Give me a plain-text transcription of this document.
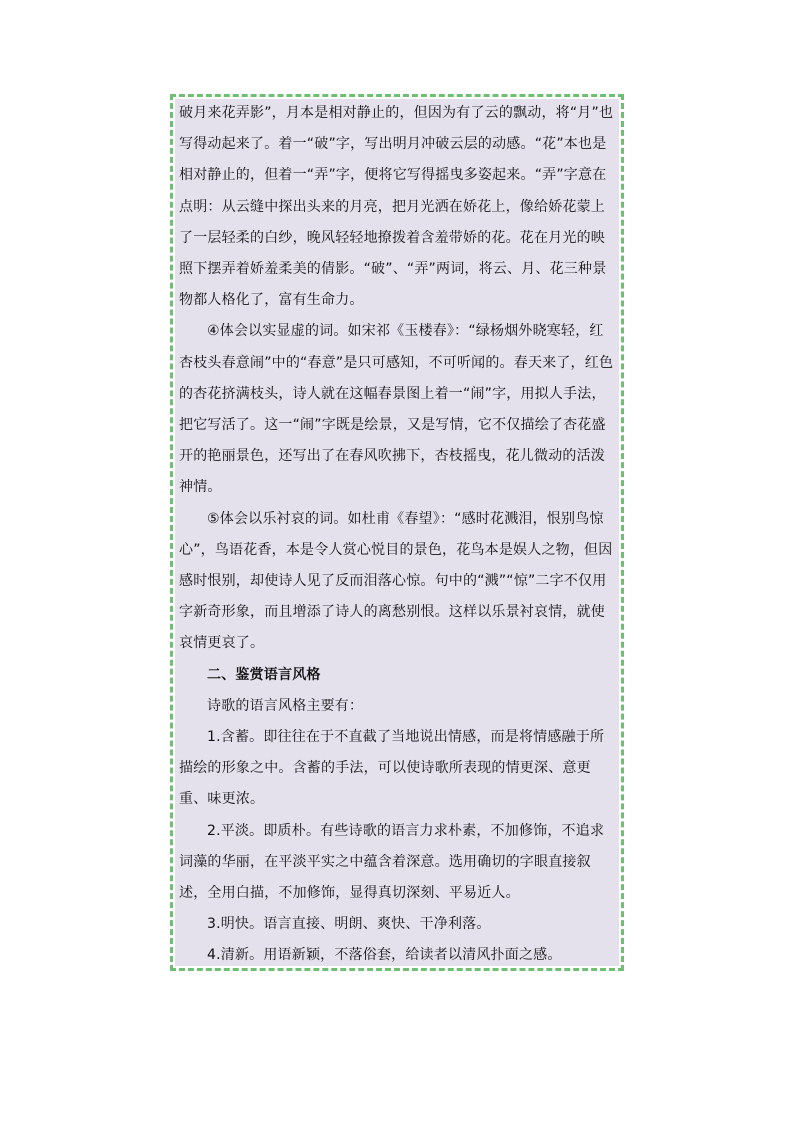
破月来花弄影”，月本是相对静止的，但因为有了云的飘动，将“月”也写得动起来了。着一“破”字，写出明月冲破云层的动感。“花”本也是相对静止的，但着一“弄”字，便将它写得摇曳多姿起来。“弄”字意在点明：从云缝中探出头来的月亮，把月光洒在娇花上，像给娇花蒙上了一层轻柔的白纱，晚风轻轻地撩拨着含羞带娇的花。花在月光的映照下摆弄着娇羞柔美的倩影。“破”、“弄”两词，将云、月、花三种景物都人格化了，富有生命力。

④体会以实显虚的词。如宋祁《玉楼春》：“绿杨烟外晓寒轻，红杏枝头春意闹”中的“春意”是只可感知，不可听闻的。春天来了，红色的杏花挤满枝头，诗人就在这幅春景图上着一“闹”字，用拟人手法，把它写活了。这一“闹”字既是绘景，又是写情，它不仅描绘了杏花盛开的艳丽景色，还写出了在春风吹拂下，杏枝摇曳，花儿微动的活泼神情。

⑤体会以乐衬哀的词。如杜甫《春望》：“感时花溅泪，恨别鸟惊心”，鸟语花香，本是令人赏心悦目的景色，花鸟本是娱人之物，但因感时恨别，却使诗人见了反而泪落心惊。句中的“溅”“惊”二字不仅用字新奇形象，而且增添了诗人的离愁别恨。这样以乐景衬哀情，就使哀情更哀了。

二、鉴赏语言风格

诗歌的语言风格主要有：

1.含蓄。即往往在于不直截了当地说出情感，而是将情感融于所描绘的形象之中。含蓄的手法，可以使诗歌所表现的情更深、意更重、味更浓。

2.平淡。即质朴。有些诗歌的语言力求朴素，不加修饰，不追求词藻的华丽，在平淡平实之中蕴含着深意。选用确切的字眼直接叙述，全用白描，不加修饰，显得真切深刻、平易近人。

3.明快。语言直接、明朗、爽快、干净利落。

4.清新。用语新颖，不落俗套，给读者以清风扑面之感。
